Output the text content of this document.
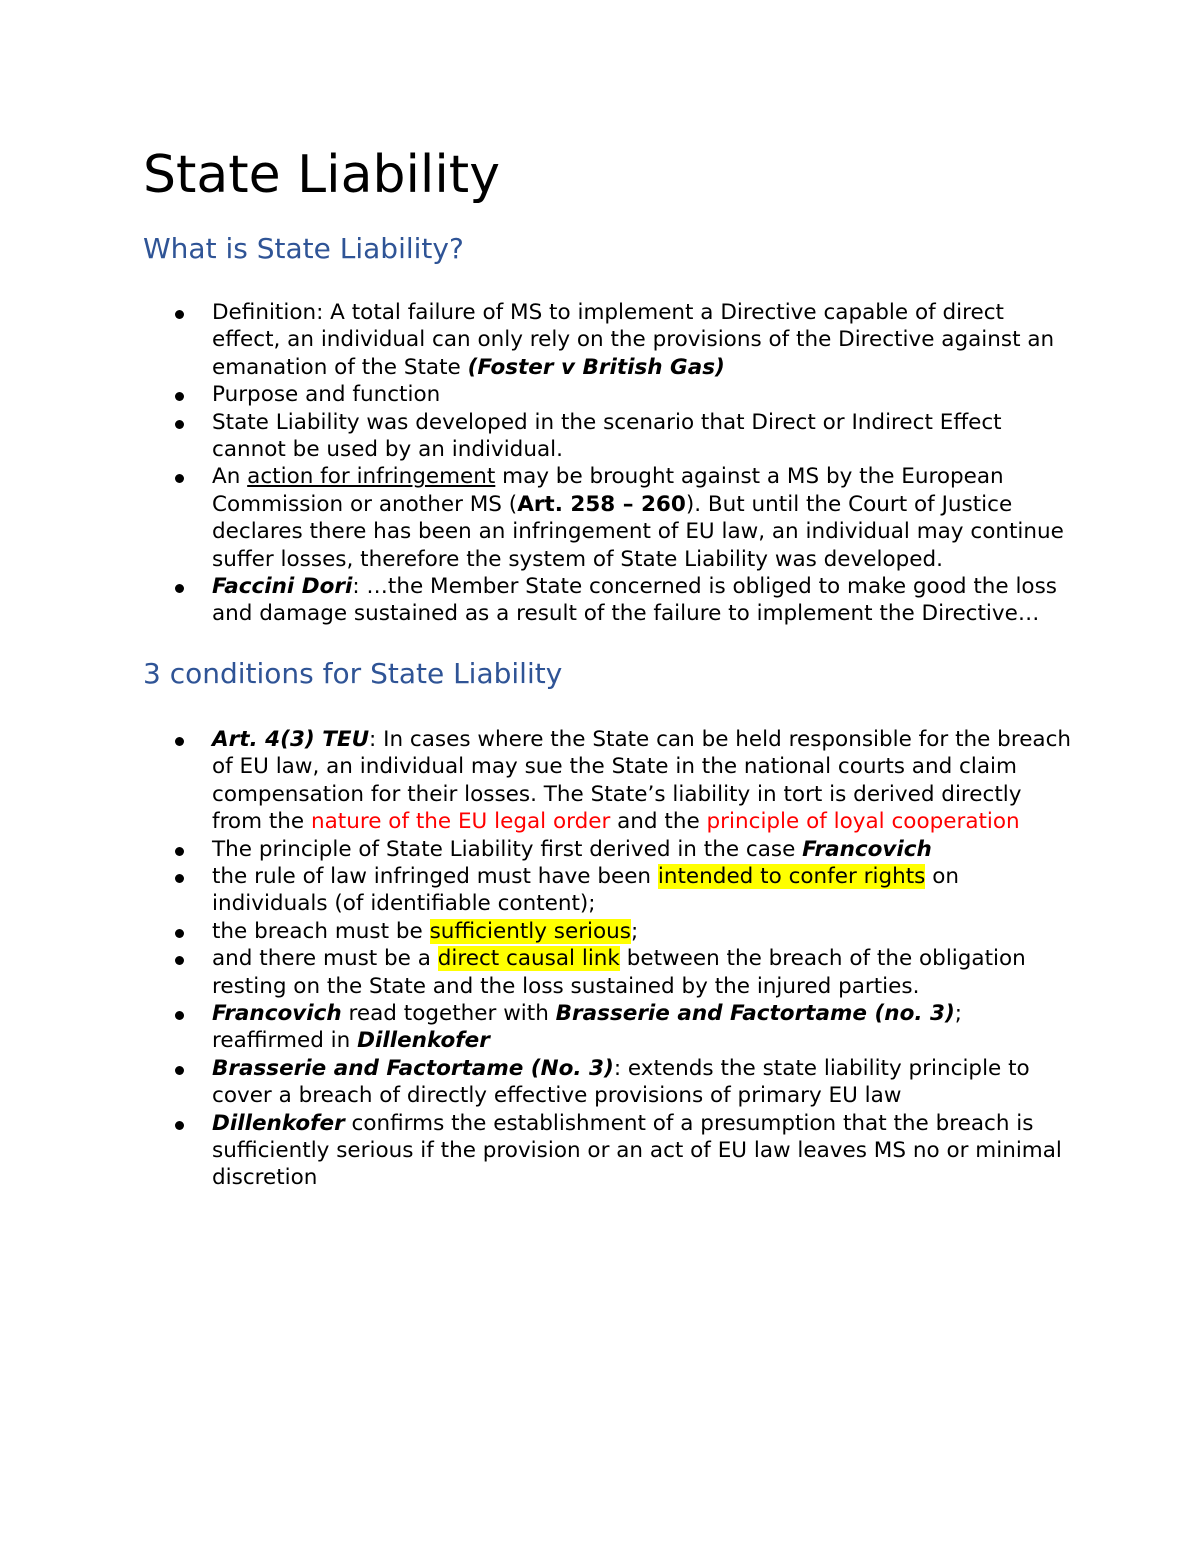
State Liability
What is State Liability?
Definition: A total failure of MS to implement a Directive capable of direct effect, an individual can only rely on the provisions of the Directive against an emanation of the State (Foster v British Gas)
Purpose and function
State Liability was developed in the scenario that Direct or Indirect Effect cannot be used by an individual.
An action for infringement may be brought against a MS by the European Commission or another MS (Art. 258 – 260). But until the Court of Justice declares there has been an infringement of EU law, an individual may continue suffer losses, therefore the system of State Liability was developed.
Faccini Dori: …the Member State concerned is obliged to make good the loss and damage sustained as a result of the failure to implement the Directive…
3 conditions for State Liability
Art. 4(3) TEU: In cases where the State can be held responsible for the breach of EU law, an individual may sue the State in the national courts and claim compensation for their losses. The State’s liability in tort is derived directly from the nature of the EU legal order and the principle of loyal cooperation
The principle of State Liability first derived in the case Francovich
the rule of law infringed must have been intended to confer rights on individuals (of identifiable content);
the breach must be sufficiently serious;
and there must be a direct causal link between the breach of the obligation resting on the State and the loss sustained by the injured parties.
Francovich read together with Brasserie and Factortame (no. 3); reaffirmed in Dillenkofer
Brasserie and Factortame (No. 3): extends the state liability principle to cover a breach of directly effective provisions of primary EU law
Dillenkofer confirms the establishment of a presumption that the breach is sufficiently serious if the provision or an act of EU law leaves MS no or minimal discretion
